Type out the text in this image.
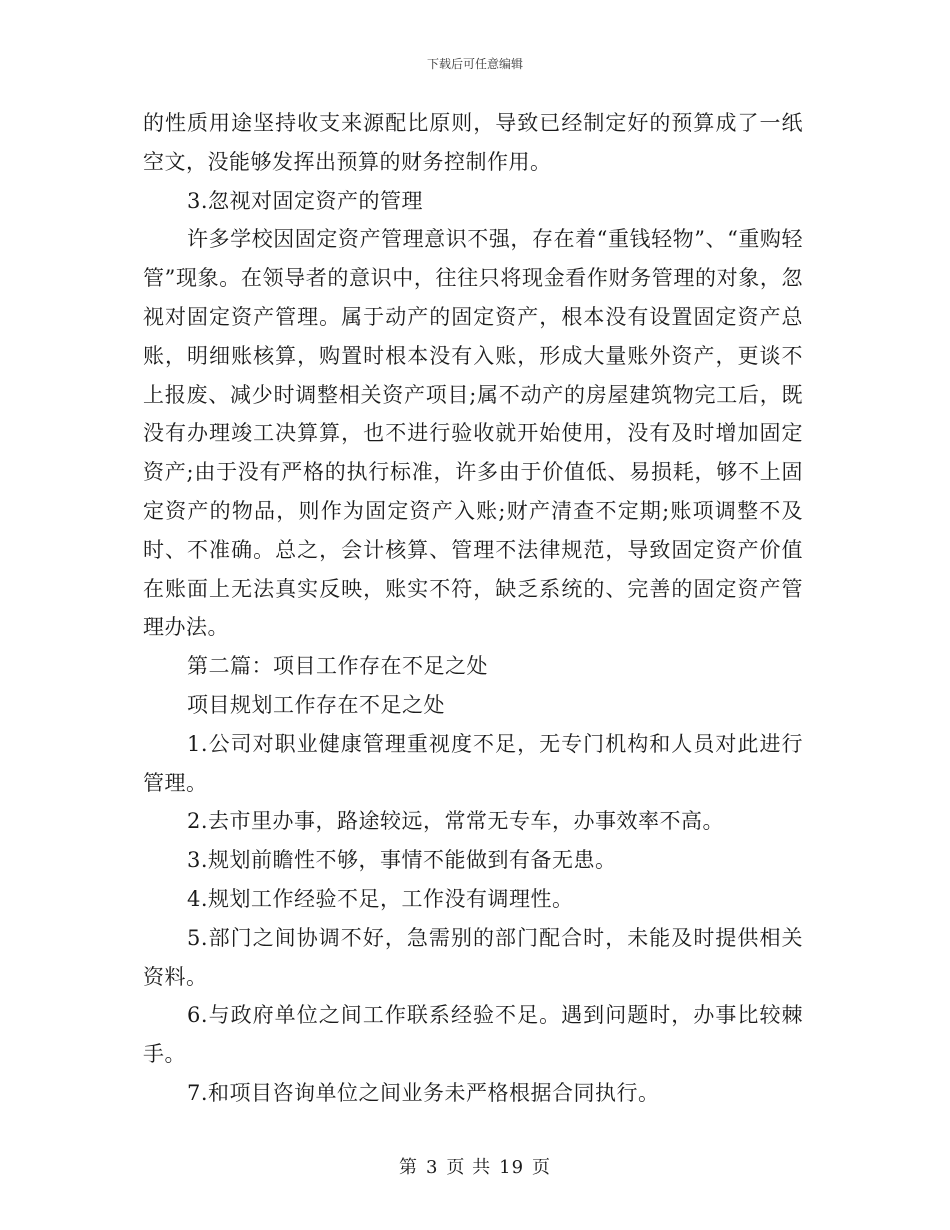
下载后可任意编辑

的性质用途坚持收支来源配比原则，导致已经制定好的预算成了一纸空文，没能够发挥出预算的财务控制作用。

3.忽视对固定资产的管理

许多学校因固定资产管理意识不强，存在着“重钱轻物”、“重购轻管”现象。在领导者的意识中，往往只将现金看作财务管理的对象，忽视对固定资产管理。属于动产的固定资产，根本没有设置固定资产总账，明细账核算，购置时根本没有入账，形成大量账外资产，更谈不上报废、减少时调整相关资产项目;属不动产的房屋建筑物完工后，既没有办理竣工决算算，也不进行验收就开始使用，没有及时增加固定资产;由于没有严格的执行标准，许多由于价值低、易损耗，够不上固定资产的物品，则作为固定资产入账;财产清查不定期;账项调整不及时、不准确。总之，会计核算、管理不法律规范，导致固定资产价值在账面上无法真实反映，账实不符，缺乏系统的、完善的固定资产管理办法。

第二篇：项目工作存在不足之处

项目规划工作存在不足之处

1.公司对职业健康管理重视度不足，无专门机构和人员对此进行管理。

2.去市里办事，路途较远，常常无专车，办事效率不高。

3.规划前瞻性不够，事情不能做到有备无患。

4.规划工作经验不足，工作没有调理性。

5.部门之间协调不好，急需别的部门配合时，未能及时提供相关资料。

6.与政府单位之间工作联系经验不足。遇到问题时，办事比较棘手。

7.和项目咨询单位之间业务未严格根据合同执行。

第 3 页 共 19 页
